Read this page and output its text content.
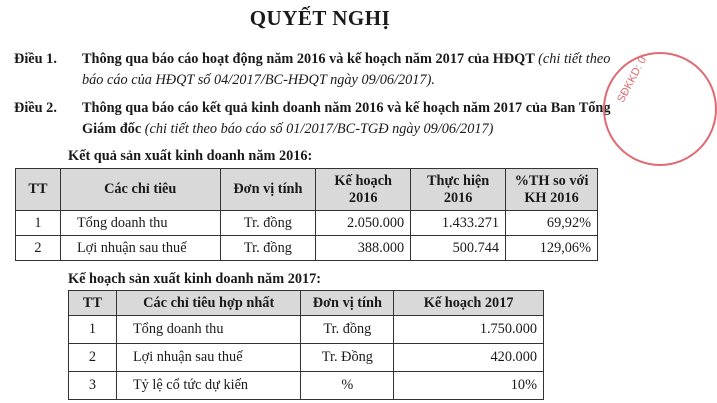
QUYẾT NGHỊ
Điều 1. Thông qua báo cáo hoạt động năm 2016 và kế hoạch năm 2017 của HĐQT (chi tiết theo báo cáo của HĐQT số 04/2017/BC-HĐQT ngày 09/06/2017).
Điều 2. Thông qua báo cáo kết quả kinh doanh năm 2016 và kế hoạch năm 2017 của Ban Tổng Giám đốc (chi tiết theo báo cáo số 01/2017/BC-TGĐ ngày 09/06/2017)
Kết quả sản xuất kinh doanh năm 2016:
TT	Các chỉ tiêu	Đơn vị tính	Kế hoạch 2016	Thực hiện 2016	%TH so với KH 2016
1	Tổng doanh thu	Tr. đồng	2.050.000	1.433.271	69,92%
2	Lợi nhuận sau thuế	Tr. đồng	388.000	500.744	129,06%
Kế hoạch sản xuất kinh doanh năm 2017:
TT	Các chỉ tiêu hợp nhất	Đơn vị tính	Kế hoạch 2017
1	Tổng doanh thu	Tr. đồng	1.750.000
2	Lợi nhuận sau thuế	Tr. Đồng	420.000
3	Tỷ lệ cổ tức dự kiến	%	10%
SĐKKD: 0
